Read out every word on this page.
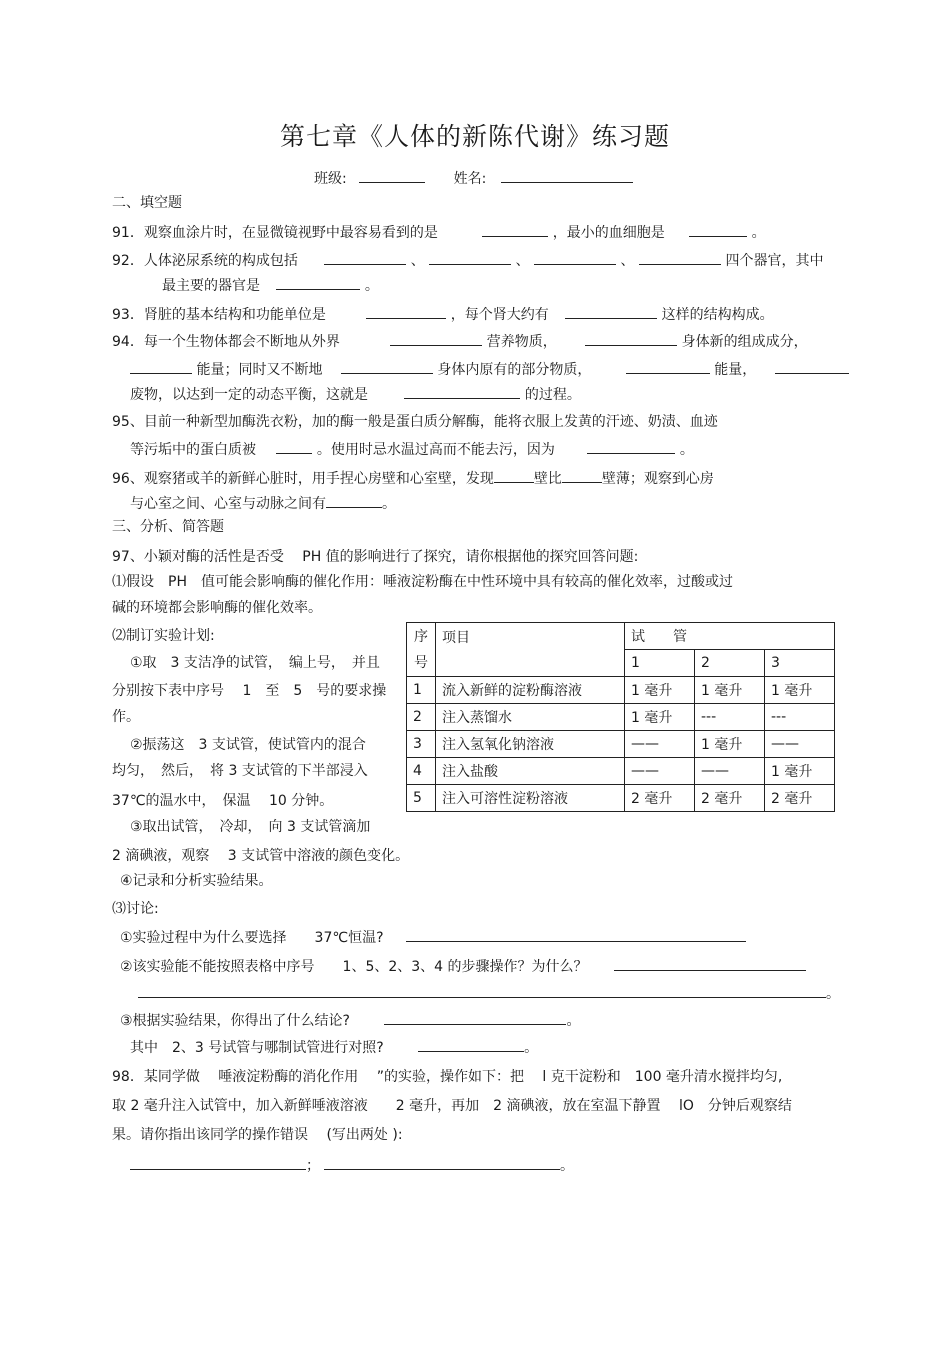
第七章《人体的新陈代谢》练习题
班级:	姓名:
二、填空题
91．观察血涂片时，在显微镜视野中最容易看到的是	，最小的血细胞是	。
92．人体泌尿系统的构成包括	、	、	、	四个器官，其中
最主要的器官是	。
93．肾脏的基本结构和功能单位是	，每个肾大约有	这样的结构构成。
94．每一个生物体都会不断地从外界	营养物质，	身体新的组成成分，
能量；同时又不断地	身体内原有的部分物质，	能量，
废物，以达到一定的动态平衡，这就是	的过程。
95、目前一种新型加酶洗衣粉，加的酶一般是蛋白质分解酶，能将衣服上发黄的汗迹、奶渍、血迹
等污垢中的蛋白质被	。使用时忌水温过高而不能去污，因为	。
96、观察猪或羊的新鲜心脏时，用手捏心房壁和心室壁，发现	壁比	壁薄；观察到心房
与心室之间、心室与动脉之间有	。
三、分析、简答题
97、小颖对酶的活性是否受　 PH 值的影响进行了探究，请你根据他的探究回答问题:
⑴假设　PH　值可能会影响酶的催化作用：唾液淀粉酶在中性环境中具有较高的催化效率，过酸或过
碱的环境都会影响酶的催化效率。
⑵制订实验计划:
①取　3 支洁净的试管，　编上号，　并且
分别按下表中序号　 1　至　5　号的要求操
作。
②振荡这　3 支试管，使试管内的混合
均匀，　然后，　将 3 支试管的下半部浸入
37℃的温水中，　保温　 10 分钟。
③取出试管，　冷却，　向 3 支试管滴加
2 滴碘液，观察　 3 支试管中溶液的颜色变化。
④记录和分析实验结果。
序
号	项目	试　　管		
		1	2	3
1	流入新鲜的淀粉酶溶液	1 毫升	1 毫升	1 毫升
2	注入蒸馏水	1 毫升	---	---
3	注入氢氧化钠溶液	——	1 毫升	——
4	注入盐酸	——	——	1 毫升
5	注入可溶性淀粉溶液	2 毫升	2 毫升	2 毫升
⑶讨论:
①实验过程中为什么要选择　　37℃恒温?
②该实验能不能按照表格中序号　　1、5、2、3、4 的步骤操作？为什么？
。
③根据实验结果，你得出了什么结论?	。
其中　2、3 号试管与哪制试管进行对照?	。
98．某同学做　 唾液淀粉酶的消化作用　 ”的实验，操作如下：把　 l 克干淀粉和　100 毫升清水搅拌均匀,
取 2 毫升注入试管中，加入新鲜唾液溶液　　2 毫升，再加　2 滴碘液，放在室温下静置　 lO　分钟后观察结
果。请你指出该同学的操作错误　 (写出两处 ):
；	。
